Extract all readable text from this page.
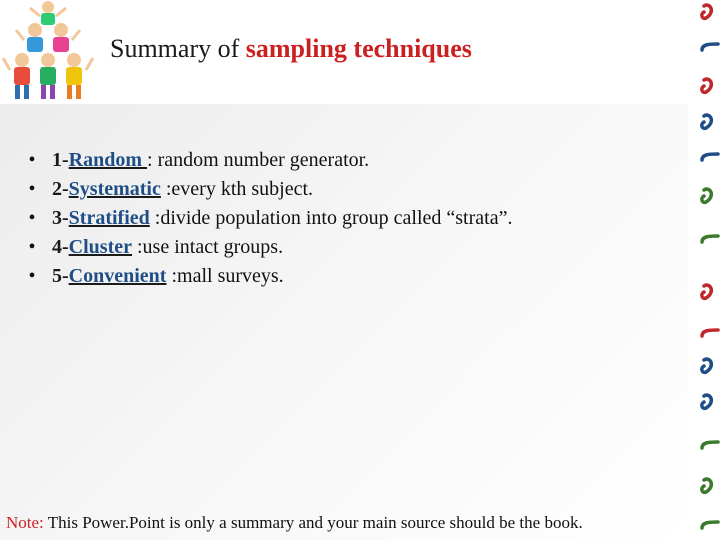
Summary of sampling techniques
• 1-Random : random number generator.
• 2-Systematic :every kth subject.
• 3-Stratified :divide population into group called “strata”.
• 4-Cluster :use intact groups.
• 5-Convenient :mall surveys.
Note: This Power.Point is only a summary and your main source should be the book.
